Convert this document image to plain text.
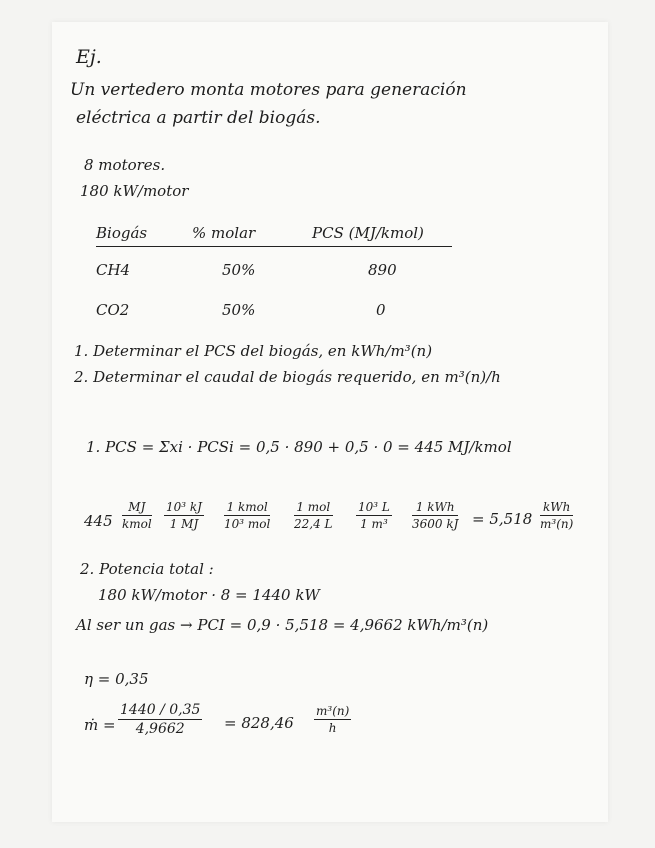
Ej.
Un vertedero monta motores para generación
eléctrica a partir del biogás.
8 motores.
180 kW/motor
Biogás	% molar	PCS (MJ/kmol)
CH4	50%	890
CO2	50%	0
1. Determinar el PCS del biogás, en kWh/m³(n)
2. Determinar el caudal de biogás requerido, en m³(n)/h
1. PCS = Σxi · PCSi = 0,5 · 890 + 0,5 · 0 = 445 MJ/kmol
445
MJ
kmol $\frac{\text{10³ kJ}}{1 MJ} 1$ kmol
10³ mol
1 mol
22,4 L $\frac{\text{10³ L}}{\text{1 m³}}$	1 kWh
3600 kJ = 5,518
kWh
m³(n)
2. Potencia total :
180 kW/motor · 8 = 1440 kW
Al ser un gas → PCI = 0,9 · 5,518 = 4,9662 kWh/m³(n)
η = 0,35
ṁ = $\frac{1440 / 0,35}{4,9662} = 828,46 \frac{\text{m³(n)}}{h}$
